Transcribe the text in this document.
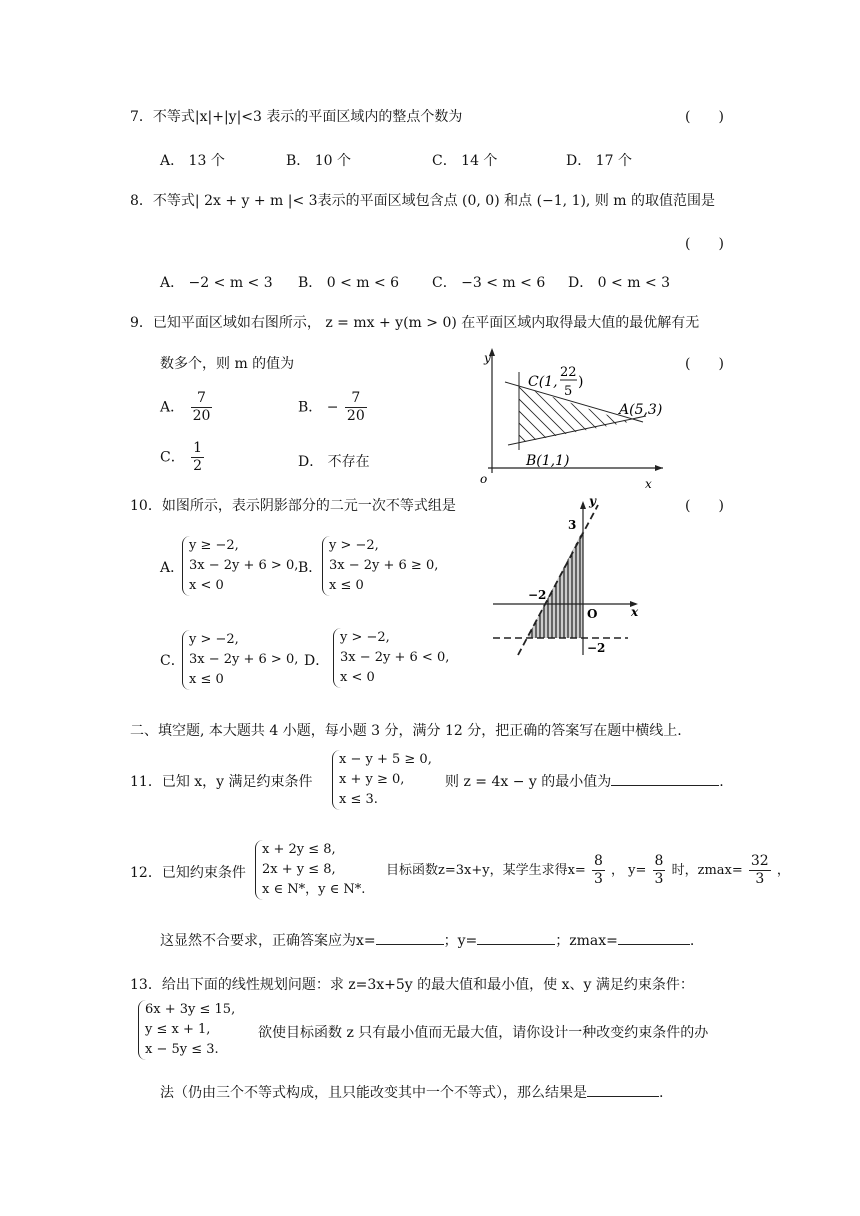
7．不等式|x|+|y|<3 表示的平面区域内的整点个数为	(　　)
A． 13 个	B． 10 个	C． 14 个	D． 17 个
8．不等式| 2x + y + m |< 3表示的平面区域包含点 (0, 0) 和点 (−1, 1), 则 m 的取值范围是
(　　)
A． −2 < m < 3 B． 0 < m < 6 C． −3 < m < 6 D． 0 < m < 3
9．已知平面区域如右图所示， z = mx + y(m > 0) 在平面区域内取得最大值的最优解有无
数多个，则 m 的值为	(　　)
A． $\frac{7}{20}$	B． − $\frac{7}{20}$
C． $\frac{1}{2}$	D． 不存在
y
x
o
C(1,
22
5
)
A(5,3)
B(1,1)
10．如图所示，表示阴影部分的二元一次不等式组是	(　　)
A．
y ≥ −2,
3x − 2y + 6 > 0,
x < 0
B．
y > −2,
3x − 2y + 6 ≥ 0,
x ≤ 0
C．
y > −2,
3x − 2y + 6 > 0,
x ≤ 0
D．
y > −2,
3x − 2y + 6 < 0,
x < 0
y
x
O
3
−2
−2
二、填空题, 本大题共 4 小题，每小题 3 分，满分 12 分，把正确的答案写在题中横线上.
11．已知 x，y 满足约束条件
x − y + 5 ≥ 0,
x + y ≥ 0,
x ≤ 3.
则 z = 4x − y 的最小值为	.
12．已知约束条件
x + 2y ≤ 8,
2x + y ≤ 8,
x ∈ N*，y ∈ N*.
目标函数z=3x+y，某学生求得$x= \frac{8}{3}$ ， $y= \frac{8}{3}$ 时，$zmax= \frac{32}{3}$ ，
这显然不合要求，正确答案应为x=	；y=	；zmax=	.
13．给出下面的线性规划问题：求 z=3x+5y 的最大值和最小值，使 x、y 满足约束条件：
6x + 3y ≤ 15,
y ≤ x + 1,
x − 5y ≤ 3.
欲使目标函数 z 只有最小值而无最大值，请你设计一种改变约束条件的办
法（仍由三个不等式构成，且只能改变其中一个不等式），那么结果是	.
